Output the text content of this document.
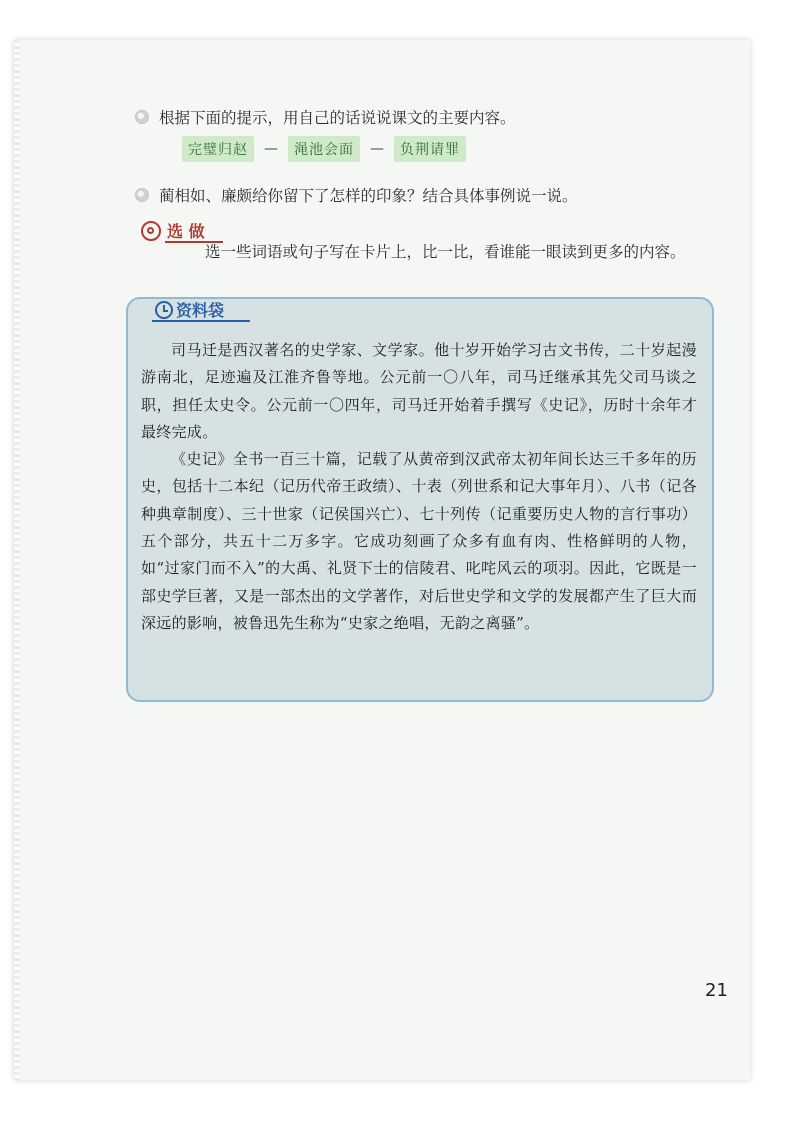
根据下面的提示，用自己的话说说课文的主要内容。
完璧归赵	—	渑池会面	—	负荆请罪
蔺相如、廉颇给你留下了怎样的印象？结合具体事例说一说。
选 做
选一些词语或句子写在卡片上，比一比，看谁能一眼读到更多的内容。
资料袋

司马迁是西汉著名的史学家、文学家。他十岁开始学习古文书传，二十岁起漫游南北，足迹遍及江淮齐鲁等地。公元前一〇八年，司马迁继承其先父司马谈之职，担任太史令。公元前一〇四年，司马迁开始着手撰写《史记》，历时十余年才最终完成。

《史记》全书一百三十篇，记载了从黄帝到汉武帝太初年间长达三千多年的历史，包括十二本纪（记历代帝王政绩）、十表（列世系和记大事年月）、八书（记各种典章制度）、三十世家（记侯国兴亡）、七十列传（记重要历史人物的言行事功）五个部分，共五十二万多字。它成功刻画了众多有血有肉、性格鲜明的人物，如“过家门而不入”的大禹、礼贤下士的信陵君、叱咤风云的项羽。因此，它既是一部史学巨著，又是一部杰出的文学著作，对后世史学和文学的发展都产生了巨大而深远的影响，被鲁迅先生称为“史家之绝唱，无韵之离骚”。

21
